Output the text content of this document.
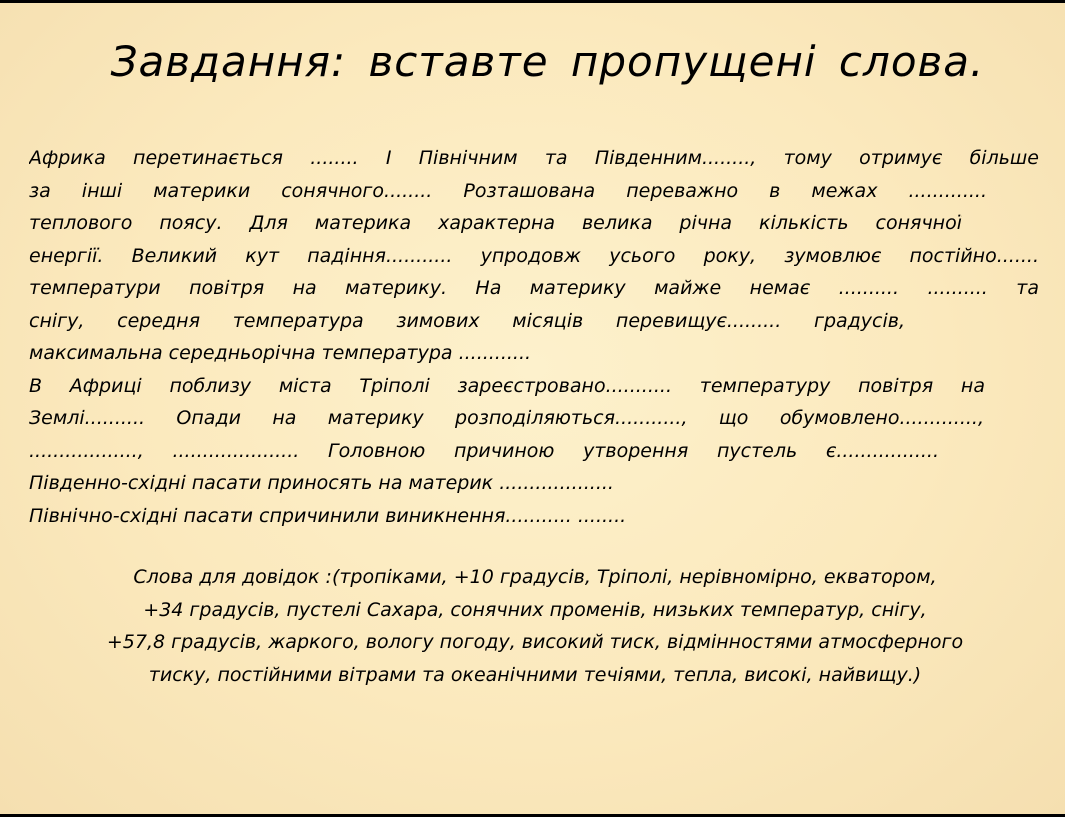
Завдання: вставте пропущені слова.
Африка перетинається ........ І Північним та Південним........, тому отримує більше
за інші материки сонячного........ Розташована переважно в межах .............
теплового поясу. Для материка характерна велика річна кількість сонячної
енергії. Великий кут падіння........... упродовж усього року, зумовлює постійно.......
температури повітря на материку. На материку майже немає .......... .......... та
снігу, середня температура зимових місяців перевищує......... градусів,
максимальна середньорічна температура ............
В Африці поблизу міста Тріполі зареєстровано........... температуру повітря на
Землі.......... Опади на материку розподіляються..........., що обумовлено.............,
.................., ..................... Головною причиною утворення пустель є.................
Південно-східні пасати приносять на материк ...................
Північно-східні пасати спричинили виникнення........... ........
Слова для довідок :(тропіками, +10 градусів, Тріполі, нерівномірно, екватором,
+34 градусів, пустелі Сахара, сонячних променів, низьких температур, снігу,
+57,8 градусів, жаркого, вологу погоду, високий тиск, відмінностями атмосферного
тиску, постійними вітрами та океанічними течіями, тепла, високі, найвищу.)
